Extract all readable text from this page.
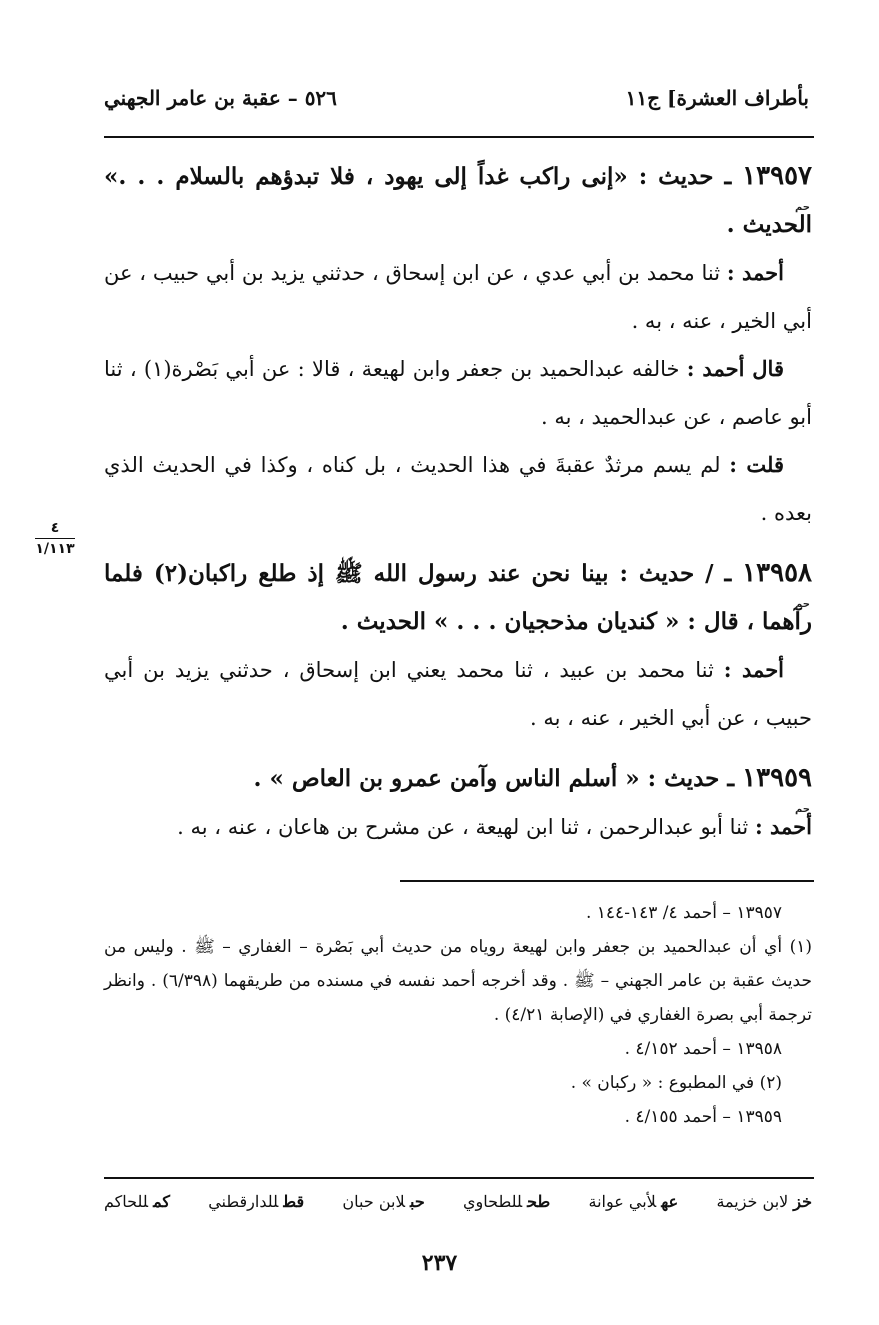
بأطراف العشرة] ج١١
٥٢٦ – عقبة بن عامر الجهني
٤
١/١١٣
١٣٩٥٧ ـ حديث : «إنى راكب غداً إلى يهود ، فلا تبدؤهم بالسلام . . .» الحديث .
حم
أحمد : ثنا محمد بن أبي عدي ، عن ابن إسحاق ، حدثني يزيد بن أبي حبيب ، عن أبي الخير ، عنه ، به .
قال أحمد : خالفه عبدالحميد بن جعفر وابن لهيعة ، قالا : عن أبي بَصْرة(١) ، ثنا أبو عاصم ، عن عبدالحميد ، به .
قلت : لم يسم مرثدٌ عقبةَ في هذا الحديث ، بل كناه ، وكذا في الحديث الذي بعده .
١٣٩٥٨ ـ / حديث : بينا نحن عند رسول الله ﷺ إذ طلع راكبان(٢) فلما رآهما ، قال : « كنديان مذحجيان . . . » الحديث .
حم
أحمد : ثنا محمد بن عبيد ، ثنا محمد يعني ابن إسحاق ، حدثني يزيد بن أبي حبيب ، عن أبي الخير ، عنه ، به .
١٣٩٥٩ ـ حديث : « أسلم الناس وآمن عمرو بن العاص » .
حم
أحمد : ثنا أبو عبدالرحمن ، ثنا ابن لهيعة ، عن مشرح بن هاعان ، عنه ، به .
١٣٩٥٧ – أحمد ٤/ ١٤٣-١٤٤ .
(١) أي أن عبدالحميد بن جعفر وابن لهيعة روياه من حديث أبي بَصْرة – الغفاري – ﷺ . وليس من حديث عقبة بن عامر الجهني – ﷺ . وقد أخرجه أحمد نفسه في مسنده من طريقهما (٦/٣٩٨) . وانظر ترجمة أبي بصرة الغفاري في (الإصابة ٤/٢١) .
١٣٩٥٨ – أحمد ٤/١٥٢ .
(٢) في المطبوع : « ركبان » .
١٣٩٥٩ – أحمد ٤/١٥٥ .
خزلابن خزيمة
عهلأبي عوانة
طحللطحاوي
حبلابن حبان
قطللدارقطني
كمللحاكم
٢٣٧
